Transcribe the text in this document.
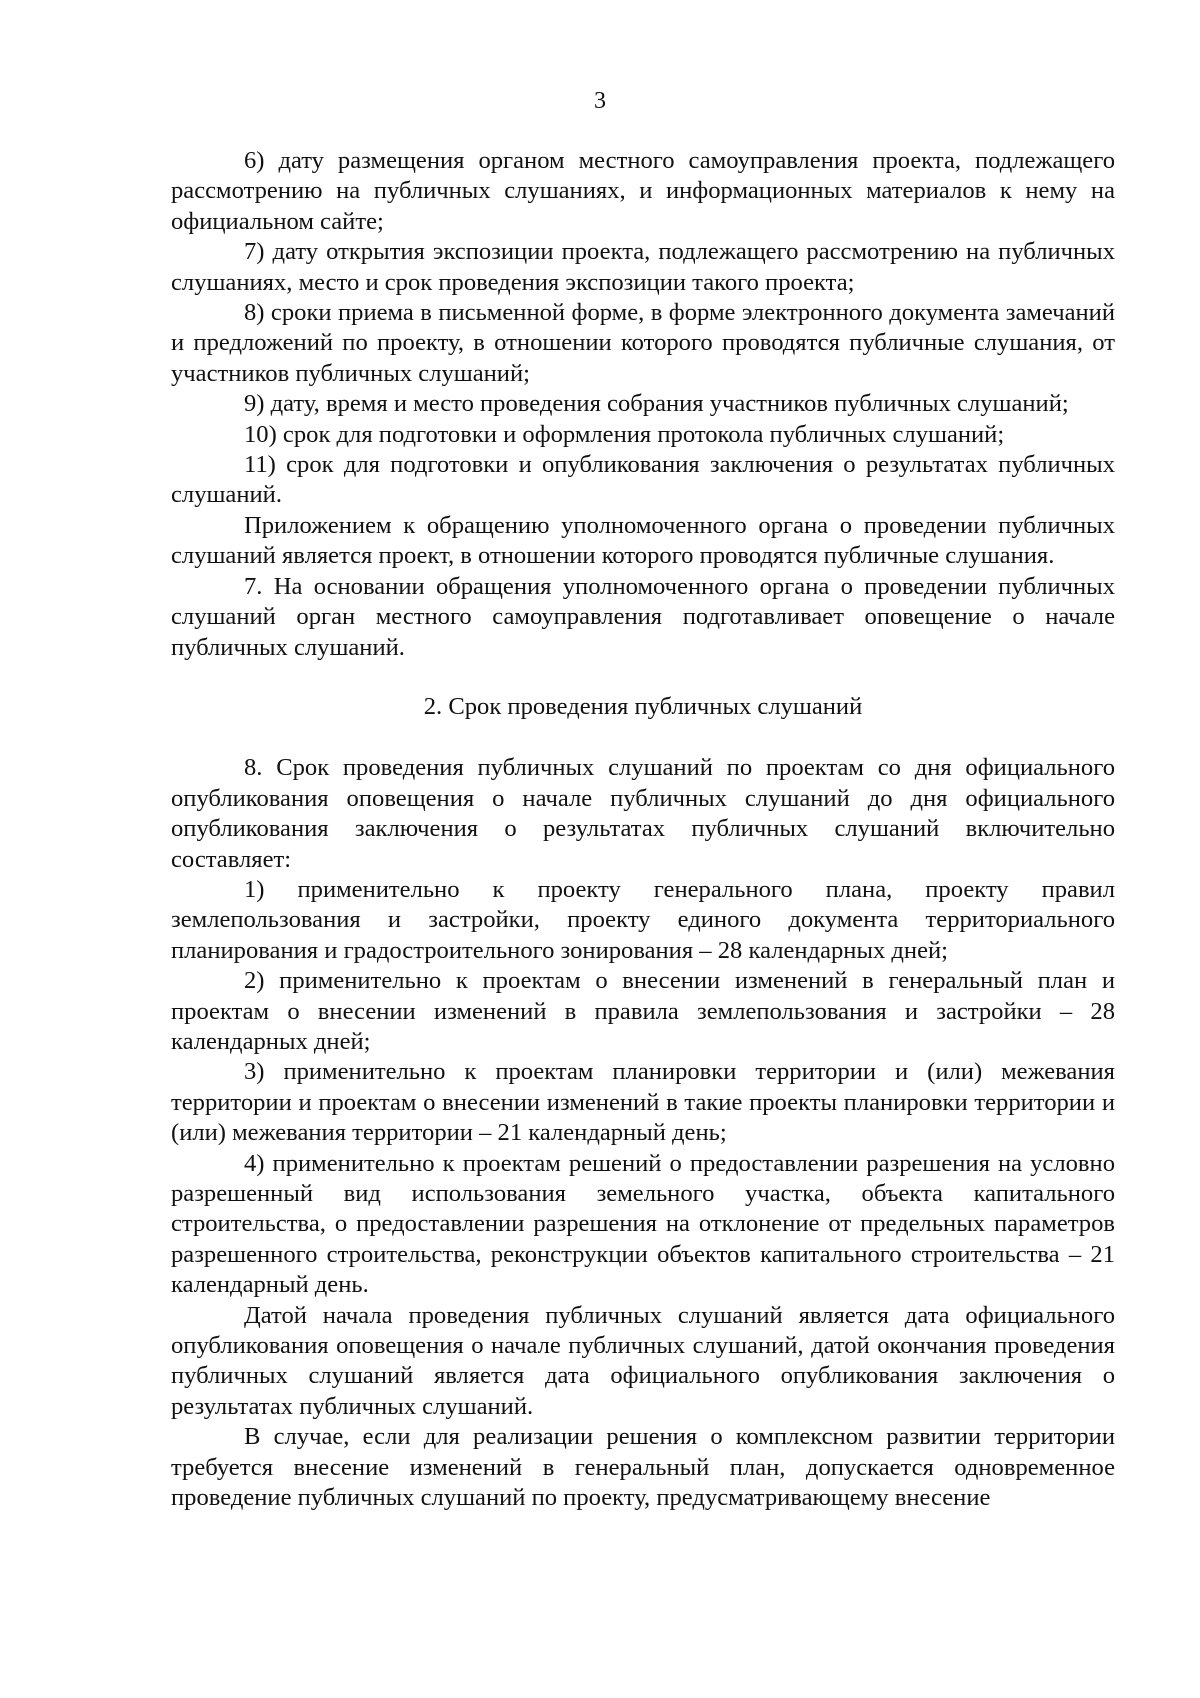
3

6) дату размещения органом местного самоуправления проекта, подлежащего рассмотрению на публичных слушаниях, и информационных материалов к нему на официальном сайте;

7) дату открытия экспозиции проекта, подлежащего рассмотрению на публичных слушаниях, место и срок проведения экспозиции такого проекта;

8) сроки приема в письменной форме, в форме электронного документа замечаний и предложений по проекту, в отношении которого проводятся публичные слушания, от участников публичных слушаний;

9) дату, время и место проведения собрания участников публичных слушаний;

10) срок для подготовки и оформления протокола публичных слушаний;

11) срок для подготовки и опубликования заключения о результатах публичных слушаний.

Приложением к обращению уполномоченного органа о проведении публичных слушаний является проект, в отношении которого проводятся публичные слушания.

7. На основании обращения уполномоченного органа о проведении публичных слушаний орган местного самоуправления подготавливает оповещение о начале публичных слушаний.

2. Срок проведения публичных слушаний

8. Срок проведения публичных слушаний по проектам со дня официального опубликования оповещения о начале публичных слушаний до дня официального опубликования заключения о результатах публичных слушаний включительно составляет:

1) применительно к проекту генерального плана, проекту правил землепользования и застройки, проекту единого документа территориального планирования и градостроительного зонирования – 28 календарных дней;

2) применительно к проектам о внесении изменений в генеральный план и проектам о внесении изменений в правила землепользования и застройки – 28 календарных дней;

3) применительно к проектам планировки территории и (или) межевания территории и проектам о внесении изменений в такие проекты планировки территории и (или) межевания территории – 21 календарный день;

4) применительно к проектам решений о предоставлении разрешения на условно разрешенный вид использования земельного участка, объекта капитального строительства, о предоставлении разрешения на отклонение от предельных параметров разрешенного строительства, реконструкции объектов капитального строительства – 21 календарный день.

Датой начала проведения публичных слушаний является дата официального опубликования оповещения о начале публичных слушаний, датой окончания проведения публичных слушаний является дата официального опубликования заключения о результатах публичных слушаний.

В случае, если для реализации решения о комплексном развитии территории требуется внесение изменений в генеральный план, допускается одновременное проведение публичных слушаний по проекту, предусматривающему внесение
